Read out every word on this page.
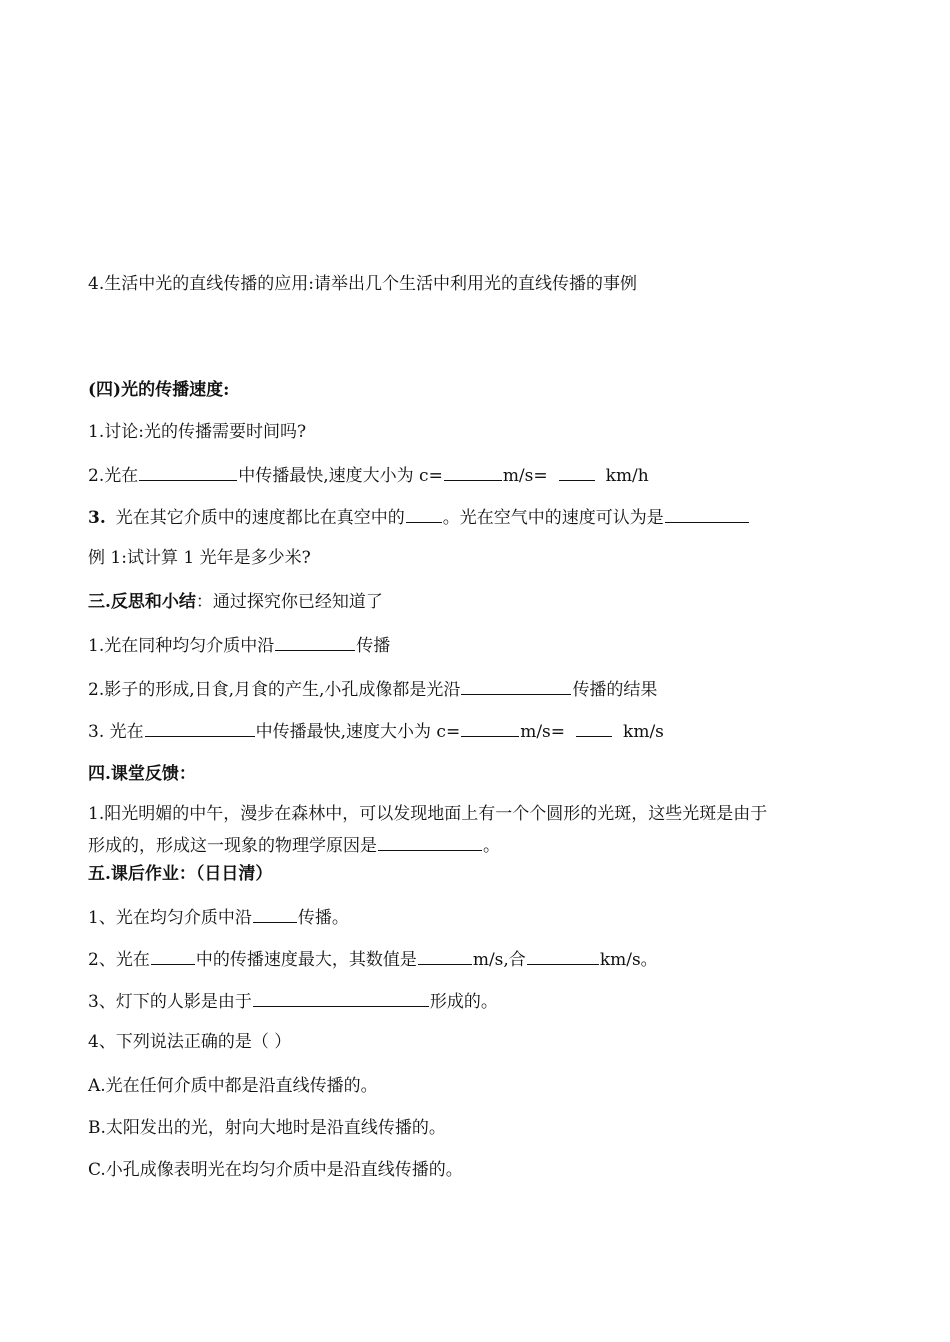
4.生活中光的直线传播的应用:请举出几个生活中利用光的直线传播的事例
(四)光的传播速度:
1.讨论:光的传播需要时间吗?
2.光在	中传播最快,速度大小为 c=	m/s=	km/h
3. 光在其它介质中的速度都比在真空中的 。光在空气中的速度可认为是
例 1:试计算 1 光年是多少米?
三.反思和小结：通过探究你已经知道了
1.光在同种均匀介质中沿	传播
2.影子的形成,日食,月食的产生,小孔成像都是光沿	传播的结果
3. 光在	中传播最快,速度大小为 c=	m/s=	km/s
四.课堂反馈：
1.阳光明媚的中午，漫步在森林中，可以发现地面上有一个个圆形的光斑，这些光斑是由于
形成的，形成这一现象的物理学原因是	。
五.课后作业：（日日清）
1、光在均匀介质中沿	传播。
2、光在	中的传播速度最大，其数值是	m/s,合	km/s。
3、灯下的人影是由于	形成的。
4、下列说法正确的是（ ）
A.光在任何介质中都是沿直线传播的。
B.太阳发出的光，射向大地时是沿直线传播的。
C.小孔成像表明光在均匀介质中是沿直线传播的。
